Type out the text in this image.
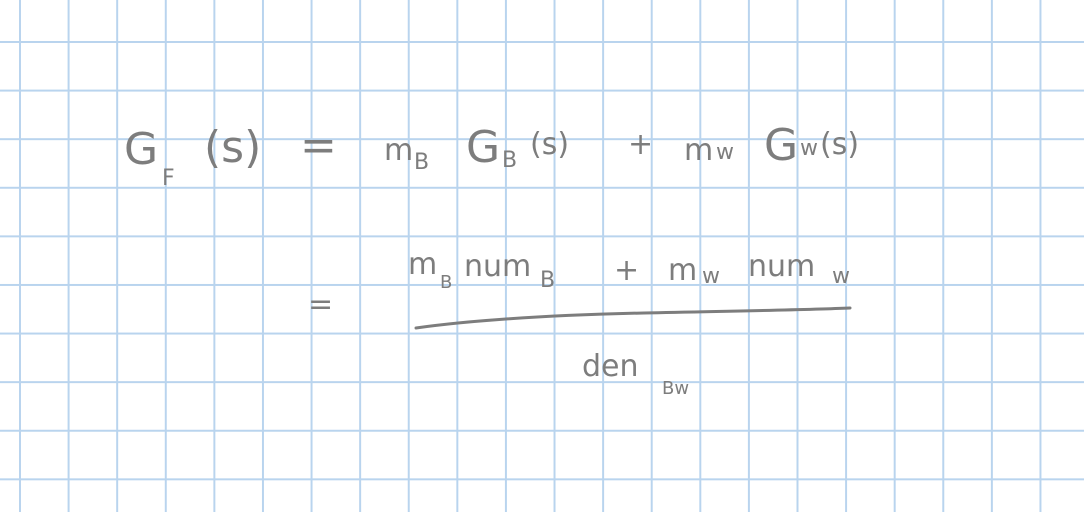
G
F
(s) = m B G B (s) + m w G w (s)
=
m
B num B + m w num w
den
Bw
